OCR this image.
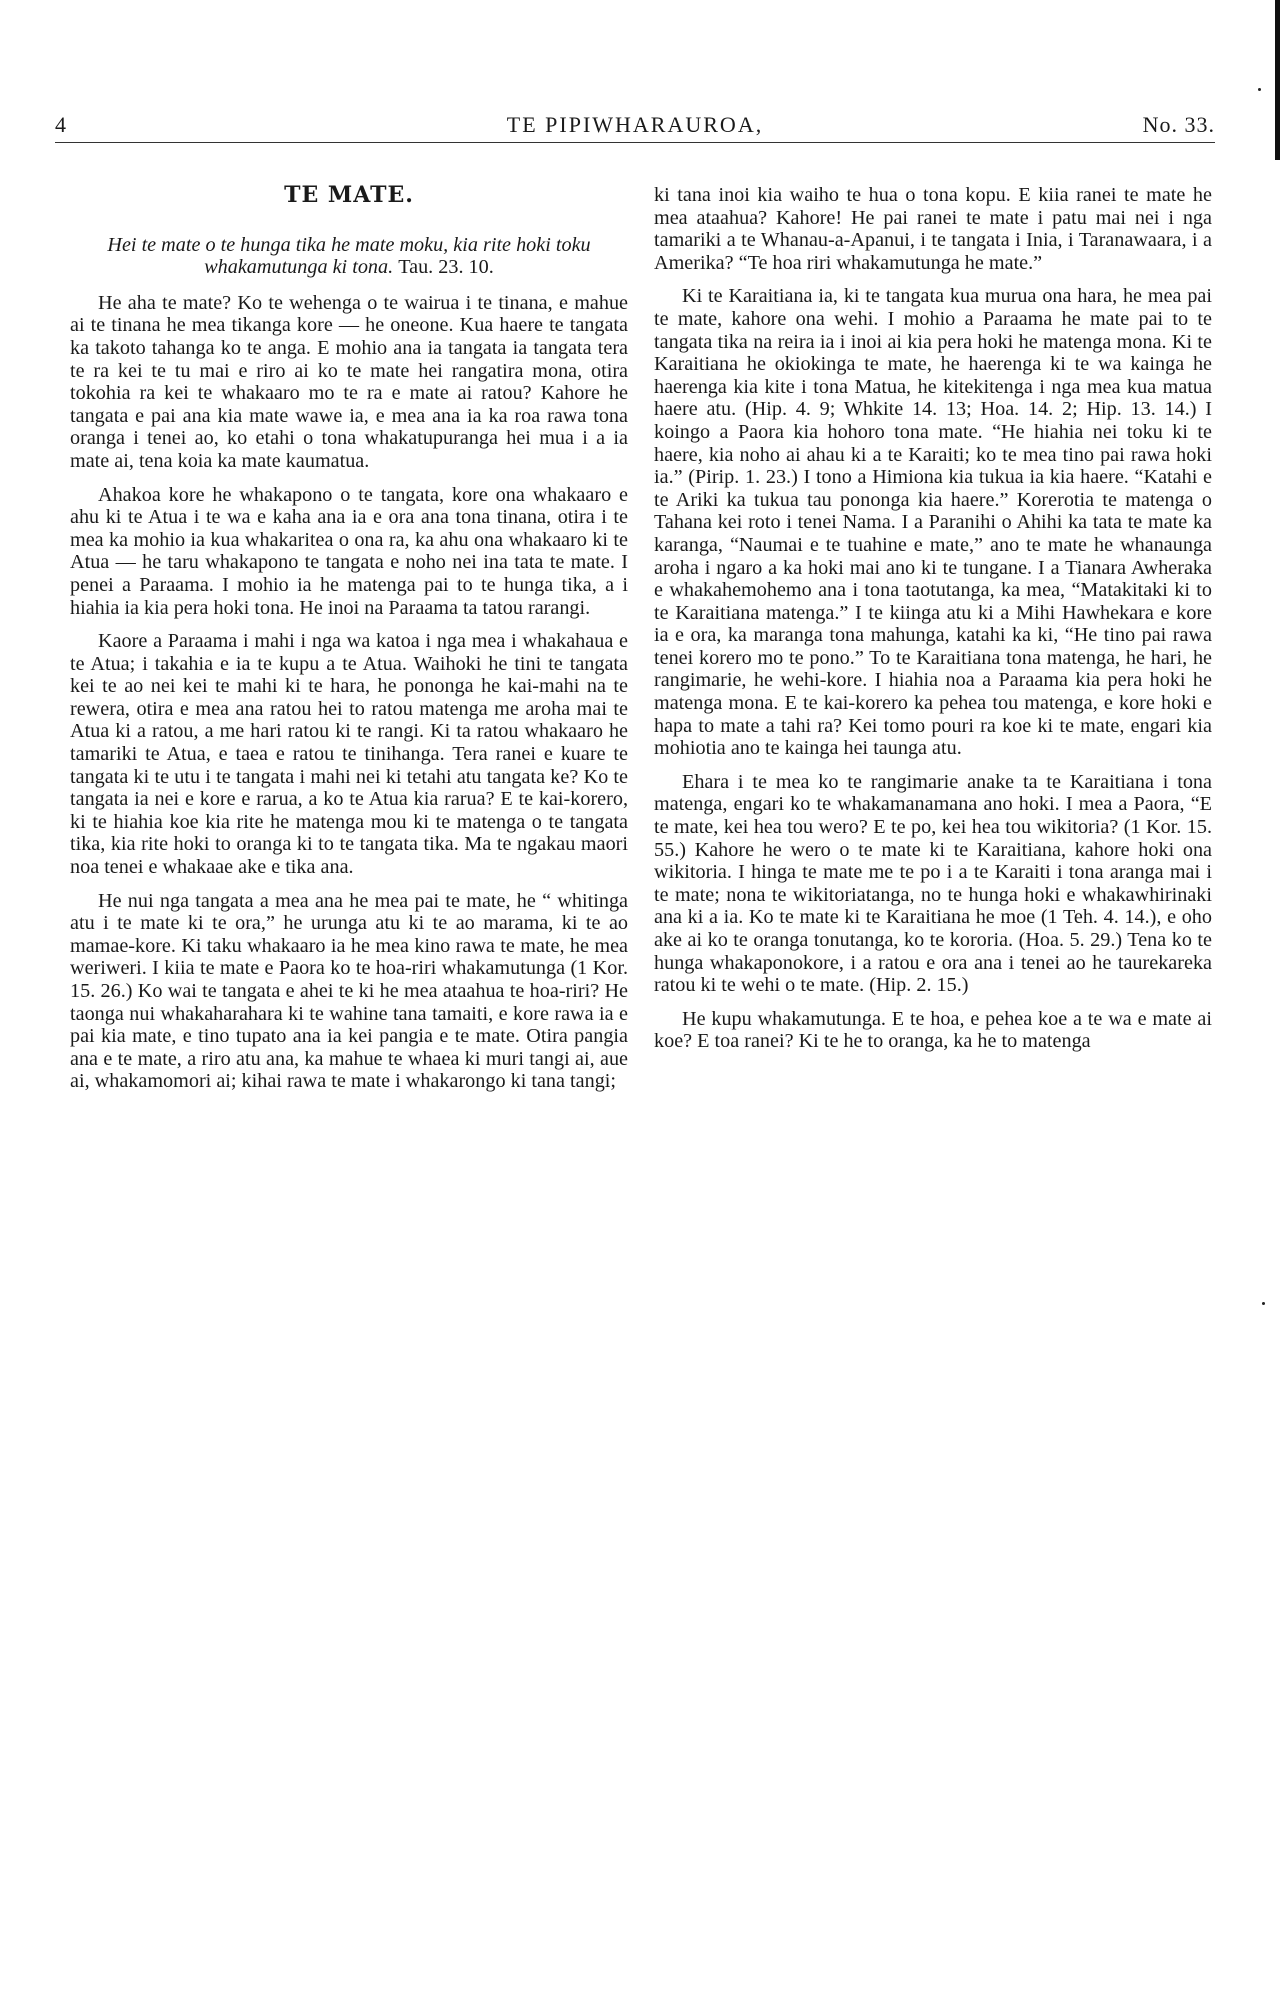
4	TE PIPIWHARAUROA,	No. 33.
TE MATE.
Hei te mate o te hunga tika he mate moku, kia rite hoki toku whakamutunga ki tona. Tau. 23. 10.

He aha te mate? Ko te wehenga o te wairua i te tinana, e mahue ai te tinana he mea tikanga kore — he oneone. Kua haere te tangata ka takoto tahanga ko te anga. E mohio ana ia tangata ia tangata tera te ra kei te tu mai e riro ai ko te mate hei rangatira mona, otira tokohia ra kei te whakaaro mo te ra e mate ai ratou? Kahore he tangata e pai ana kia mate wawe ia, e mea ana ia ka roa rawa tona oranga i tenei ao, ko etahi o tona whakatupuranga hei mua i a ia mate ai, tena koia ka mate kaumatua.

Ahakoa kore he whakapono o te tangata, kore ona whakaaro e ahu ki te Atua i te wa e kaha ana ia e ora ana tona tinana, otira i te mea ka mohio ia kua whakaritea o ona ra, ka ahu ona whakaaro ki te Atua — he taru whakapono te tangata e noho nei ina tata te mate. I penei a Paraama. I mohio ia he matenga pai to te hunga tika, a i hiahia ia kia pera hoki tona. He inoi na Paraama ta tatou rarangi.

Kaore a Paraama i mahi i nga wa katoa i nga mea i whakahaua e te Atua; i takahia e ia te kupu a te Atua. Waihoki he tini te tangata kei te ao nei kei te mahi ki te hara, he pononga he kai-mahi na te rewera, otira e mea ana ratou hei to ratou matenga me aroha mai te Atua ki a ratou, a me hari ratou ki te rangi. Ki ta ratou whakaaro he tamariki te Atua, e taea e ratou te tinihanga. Tera ranei e kuare te tangata ki te utu i te tangata i mahi nei ki tetahi atu tangata ke? Ko te tangata ia nei e kore e rarua, a ko te Atua kia rarua? E te kai-korero, ki te hiahia koe kia rite he matenga mou ki te matenga o te tangata tika, kia rite hoki to oranga ki to te tangata tika. Ma te ngakau maori noa tenei e whakaae ake e tika ana.

He nui nga tangata a mea ana he mea pai te mate, he “ whitinga atu i te mate ki te ora,” he urunga atu ki te ao marama, ki te ao mamae-kore. Ki taku whakaaro ia he mea kino rawa te mate, he mea weriweri. I kiia te mate e Paora ko te hoa-riri whakamutunga (1 Kor. 15. 26.) Ko wai te tangata e ahei te ki he mea ataahua te hoa-riri? He taonga nui whakaharahara ki te wahine tana tamaiti, e kore rawa ia e pai kia mate, e tino tupato ana ia kei pangia e te mate. Otira pangia ana e te mate, a riro atu ana, ka mahue te whaea ki muri tangi ai, aue ai, whakamomori ai; kihai rawa te mate i whakarongo ki tana tangi;

ki tana inoi kia waiho te hua o tona kopu. E kiia ranei te mate he mea ataahua? Kahore! He pai ranei te mate i patu mai nei i nga tamariki a te Whanau-a-Apanui, i te tangata i Inia, i Taranawaara, i a Amerika? “Te hoa riri whakamutunga he mate.”

Ki te Karaitiana ia, ki te tangata kua murua ona hara, he mea pai te mate, kahore ona wehi. I mohio a Paraama he mate pai to te tangata tika na reira ia i inoi ai kia pera hoki he matenga mona. Ki te Karaitiana he okiokinga te mate, he haerenga ki te wa kainga he haerenga kia kite i tona Matua, he kitekitenga i nga mea kua matua haere atu. (Hip. 4. 9; Whkite 14. 13; Hoa. 14. 2; Hip. 13. 14.) I koingo a Paora kia hohoro tona mate. “He hiahia nei toku ki te haere, kia noho ai ahau ki a te Karaiti; ko te mea tino pai rawa hoki ia.” (Pirip. 1. 23.) I tono a Himiona kia tukua ia kia haere. “Katahi e te Ariki ka tukua tau pononga kia haere.” Korerotia te matenga o Tahana kei roto i tenei Nama. I a Paranihi o Ahihi ka tata te mate ka karanga, “Naumai e te tuahine e mate,” ano te mate he whanaunga aroha i ngaro a ka hoki mai ano ki te tungane. I a Tianara Awheraka e whakahemohemo ana i tona taotutanga, ka mea, “Matakitaki ki to te Karaitiana matenga.” I te kiinga atu ki a Mihi Hawhekara e kore ia e ora, ka maranga tona mahunga, katahi ka ki, “He tino pai rawa tenei korero mo te pono.” To te Karaitiana tona matenga, he hari, he rangimarie, he wehi-kore. I hiahia noa a Paraama kia pera hoki he matenga mona. E te kai-korero ka pehea tou matenga, e kore hoki e hapa to mate a tahi ra? Kei tomo pouri ra koe ki te mate, engari kia mohiotia ano te kainga hei taunga atu.

Ehara i te mea ko te rangimarie anake ta te Karaitiana i tona matenga, engari ko te whakamanamana ano hoki. I mea a Paora, “E te mate, kei hea tou wero? E te po, kei hea tou wikitoria? (1 Kor. 15. 55.) Kahore he wero o te mate ki te Karaitiana, kahore hoki ona wikitoria. I hinga te mate me te po i a te Karaiti i tona aranga mai i te mate; nona te wikitoriatanga, no te hunga hoki e whakawhirinaki ana ki a ia. Ko te mate ki te Karaitiana he moe (1 Teh. 4. 14.), e oho ake ai ko te oranga tonutanga, ko te kororia. (Hoa. 5. 29.) Tena ko te hunga whakaponokore, i a ratou e ora ana i tenei ao he taurekareka ratou ki te wehi o te mate. (Hip. 2. 15.)

He kupu whakamutunga. E te hoa, e pehea koe a te wa e mate ai koe? E toa ranei? Ki te he to oranga, ka he to matenga
